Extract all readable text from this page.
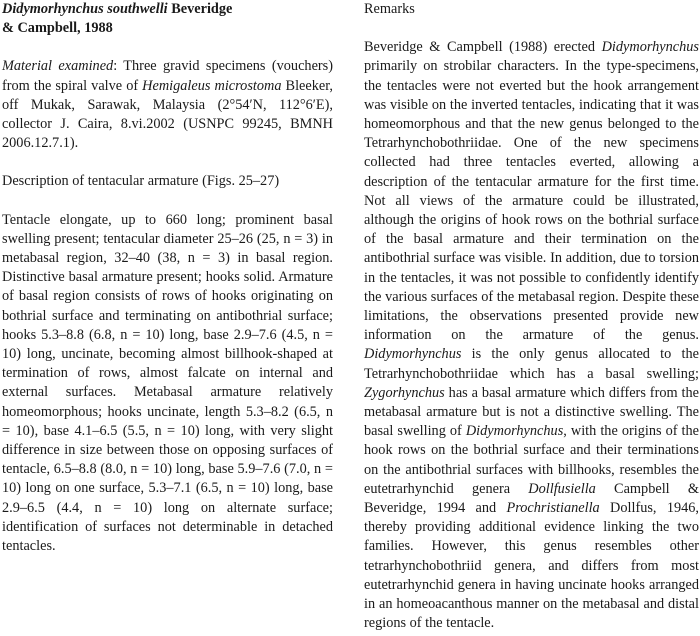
Didymorhynchus southwelli Beveridge
& Campbell, 1988

Material examined: Three gravid specimens (vouchers) from the spiral valve of Hemigaleus microstoma Bleeker, off Mukak, Sarawak, Malaysia (2°54′N, 112°6′E), collector J. Caira, 8.vi.2002 (USNPC 99245, BMNH 2006.12.7.1).

Description of tentacular armature (Figs. 25–27)

Tentacle elongate, up to 660 long; prominent basal swelling present; tentacular diameter 25–26 (25, n = 3) in metabasal region, 32–40 (38, n = 3) in basal region. Distinctive basal armature present; hooks solid. Armature of basal region consists of rows of hooks originating on bothrial surface and terminating on antibothrial surface; hooks 5.3–8.8 (6.8, n = 10) long, base 2.9–7.6 (4.5, n = 10) long, uncinate, becoming almost billhook-shaped at termination of rows, almost falcate on internal and external surfaces. Metabasal armature relatively homeomorphous; hooks uncinate, length 5.3–8.2 (6.5, n = 10), base 4.1–6.5 (5.5, n = 10) long, with very slight difference in size between those on opposing surfaces of tentacle, 6.5–8.8 (8.0, n = 10) long, base 5.9–7.6 (7.0, n = 10) long on one surface, 5.3–7.1 (6.5, n = 10) long, base 2.9–6.5 (4.4, n = 10) long on alternate surface; identification of surfaces not determinable in detached tentacles.

Remarks

Beveridge & Campbell (1988) erected Didymorhynchus primarily on strobilar characters. In the type-specimens, the tentacles were not everted but the hook arrangement was visible on the inverted tentacles, indicating that it was homeomorphous and that the new genus belonged to the Tetrarhynchobothriidae. One of the new specimens collected had three tentacles everted, allowing a description of the tentacular armature for the first time. Not all views of the armature could be illustrated, although the origins of hook rows on the bothrial surface of the basal armature and their termination on the antibothrial surface was visible. In addition, due to torsion in the tentacles, it was not possible to confidently identify the various surfaces of the metabasal region. Despite these limitations, the observations presented provide new information on the armature of the genus. Didymorhynchus is the only genus allocated to the Tetrarhynchobothriidae which has a basal swelling; Zygorhynchus has a basal armature which differs from the metabasal armature but is not a distinctive swelling. The basal swelling of Didymorhynchus, with the origins of the hook rows on the bothrial surface and their terminations on the antibothrial surfaces with billhooks, resembles the eutetrarhynchid genera Dollfusiella Campbell & Beveridge, 1994 and Prochristianella Dollfus, 1946, thereby providing additional evidence linking the two families. However, this genus resembles other tetrarhynchobothriid genera, and differs from most eutetrarhynchid genera in having uncinate hooks arranged in an homeoacanthous manner on the metabasal and distal regions of the tentacle.
